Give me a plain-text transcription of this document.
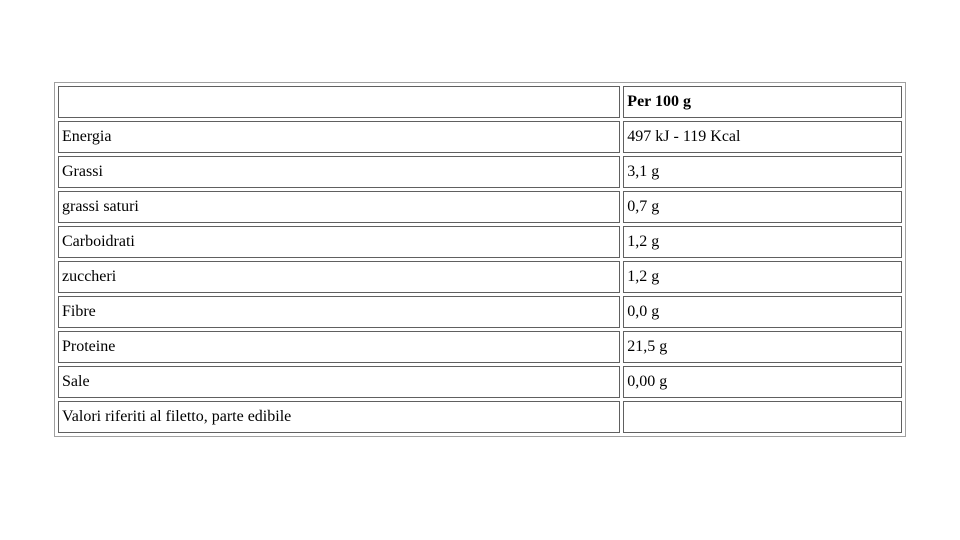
	Per 100 g
Energia	497 kJ - 119 Kcal
Grassi	3,1 g
grassi saturi	0,7 g
Carboidrati	1,2 g
zuccheri	1,2 g
Fibre	0,0 g
Proteine	21,5 g
Sale	0,00 g
Valori riferiti al filetto, parte edibile	
